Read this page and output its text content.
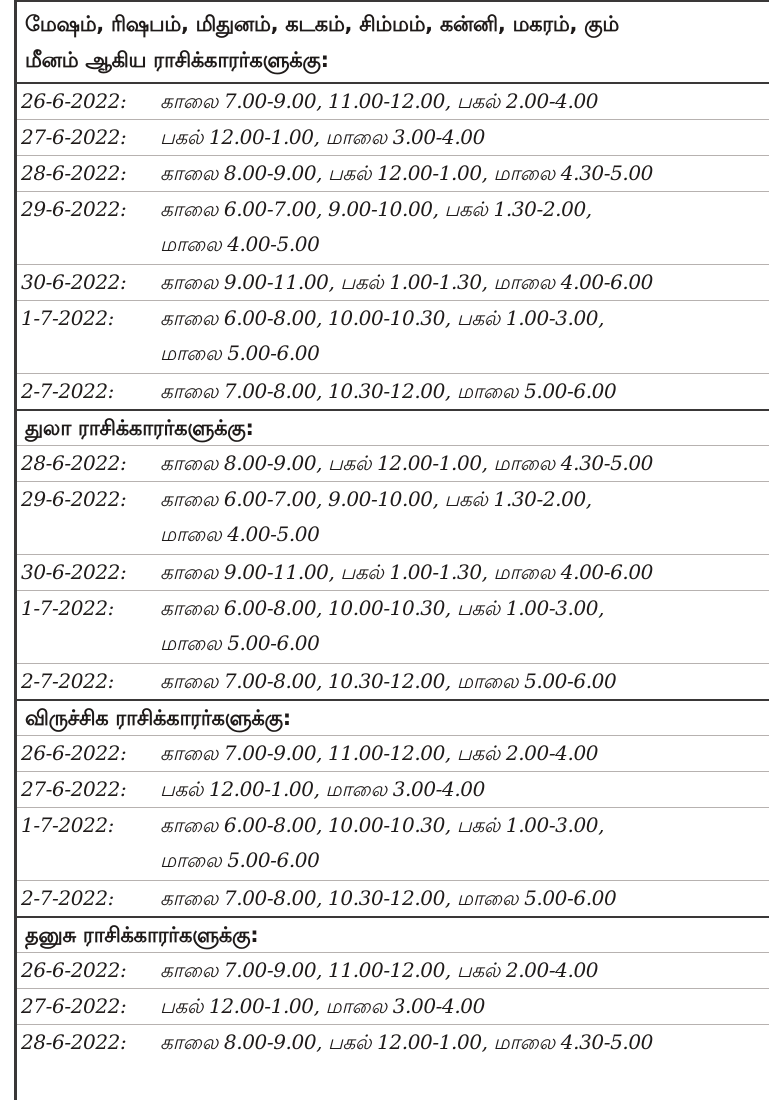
மேஷம், ரிஷபம், மிதுனம், கடகம், சிம்மம், கன்னி, மகரம், கும்
மீனம் ஆகிய ராசிக்காரர்களுக்கு:
26-6-2022: காலை 7.00-9.00, 11.00-12.00, பகல் 2.00-4.00
27-6-2022: பகல் 12.00-1.00, மாலை 3.00-4.00
28-6-2022: காலை 8.00-9.00, பகல் 12.00-1.00, மாலை 4.30-5.00
29-6-2022: காலை 6.00-7.00, 9.00-10.00, பகல் 1.30-2.00,
மாலை 4.00-5.00
30-6-2022: காலை 9.00-11.00, பகல் 1.00-1.30, மாலை 4.00-6.00
1-7-2022: காலை 6.00-8.00, 10.00-10.30, பகல் 1.00-3.00,
மாலை 5.00-6.00
2-7-2022: காலை 7.00-8.00, 10.30-12.00, மாலை 5.00-6.00
துலா ராசிக்காரர்களுக்கு:
28-6-2022: காலை 8.00-9.00, பகல் 12.00-1.00, மாலை 4.30-5.00
29-6-2022: காலை 6.00-7.00, 9.00-10.00, பகல் 1.30-2.00,
மாலை 4.00-5.00
30-6-2022: காலை 9.00-11.00, பகல் 1.00-1.30, மாலை 4.00-6.00
1-7-2022: காலை 6.00-8.00, 10.00-10.30, பகல் 1.00-3.00,
மாலை 5.00-6.00
2-7-2022: காலை 7.00-8.00, 10.30-12.00, மாலை 5.00-6.00
விருச்சிக ராசிக்காரர்களுக்கு:
26-6-2022: காலை 7.00-9.00, 11.00-12.00, பகல் 2.00-4.00
27-6-2022: பகல் 12.00-1.00, மாலை 3.00-4.00
1-7-2022: காலை 6.00-8.00, 10.00-10.30, பகல் 1.00-3.00,
மாலை 5.00-6.00
2-7-2022: காலை 7.00-8.00, 10.30-12.00, மாலை 5.00-6.00
தனுசு ராசிக்காரர்களுக்கு:
26-6-2022: காலை 7.00-9.00, 11.00-12.00, பகல் 2.00-4.00
27-6-2022: பகல் 12.00-1.00, மாலை 3.00-4.00
28-6-2022: காலை 8.00-9.00, பகல் 12.00-1.00, மாலை 4.30-5.00
